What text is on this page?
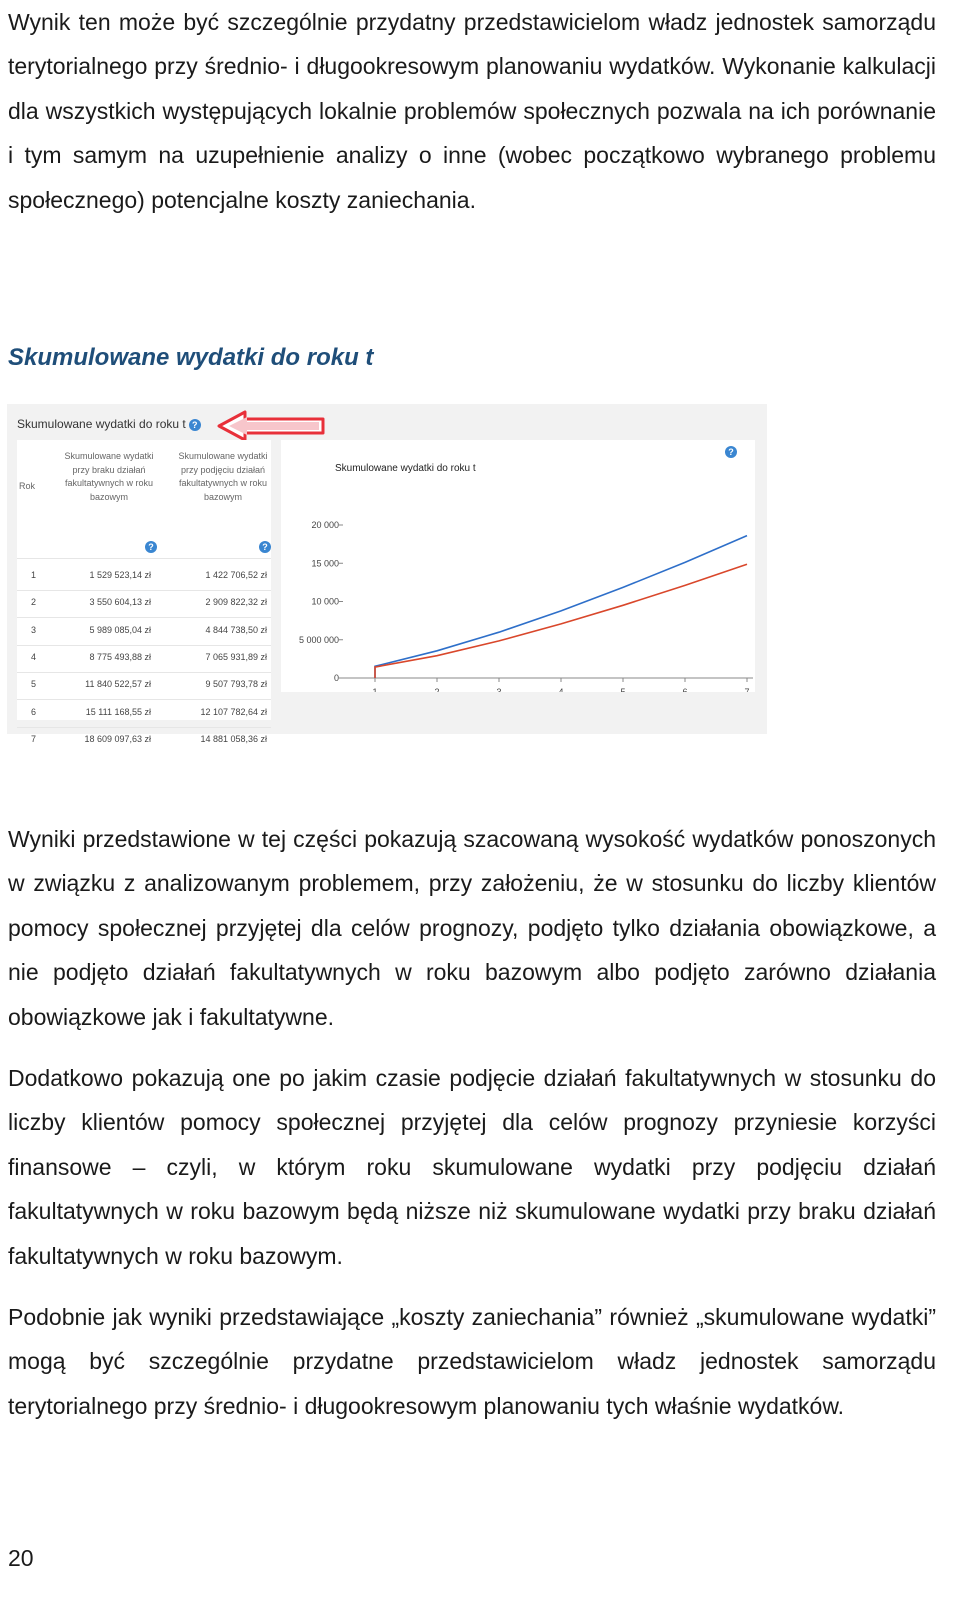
Wynik ten może być szczególnie przydatny przedstawicielom władz jednostek samorządu terytorialnego przy średnio- i długookresowym planowaniu wydatków. Wykonanie kalkulacji dla wszystkich występujących lokalnie problemów społecznych pozwala na ich porównanie i tym samym na uzupełnienie analizy o inne (wobec początkowo wybranego problemu społecznego) potencjalne koszty zaniechania.

Skumulowane wydatki do roku t
Skumulowane wydatki do roku t ?
Rok
Skumulowane wydatki przy braku działań fakultatywnych w roku bazowym
Skumulowane wydatki przy podjęciu działań fakultatywnych w roku bazowym
?	?
1	1 529 523,14 zł	1 422 706,52 zł
2	3 550 604,13 zł	2 909 822,32 zł
3	5 989 085,04 zł	4 844 738,50 zł
4	8 775 493,88 zł	7 065 931,89 zł
5	11 840 522,57 zł	9 507 793,78 zł
6	15 111 168,55 zł	12 107 782,64 zł
7	18 609 097,63 zł	14 881 058,36 zł
?
Skumulowane wydatki do roku t
0
5 000 000
10 000
15 000
20 000
1	2	3	4	5	6	7

Wyniki przedstawione w tej części pokazują szacowaną wysokość wydatków ponoszonych w związku z analizowanym problemem, przy założeniu, że w stosunku do liczby klientów pomocy społecznej przyjętej dla celów prognozy, podjęto tylko działania obowiązkowe, a nie podjęto działań fakultatywnych w roku bazowym albo podjęto zarówno działania obowiązkowe jak i fakultatywne.

Dodatkowo pokazują one po jakim czasie podjęcie działań fakultatywnych w stosunku do liczby klientów pomocy społecznej przyjętej dla celów prognozy przyniesie korzyści finansowe – czyli, w którym roku skumulowane wydatki przy podjęciu działań fakultatywnych w roku bazowym będą niższe niż skumulowane wydatki przy braku działań fakultatywnych w roku bazowym.

Podobnie jak wyniki przedstawiające „koszty zaniechania” również „skumulowane wydatki” mogą być szczególnie przydatne przedstawicielom władz jednostek samorządu terytorialnego przy średnio- i długookresowym planowaniu tych właśnie wydatków.

20
